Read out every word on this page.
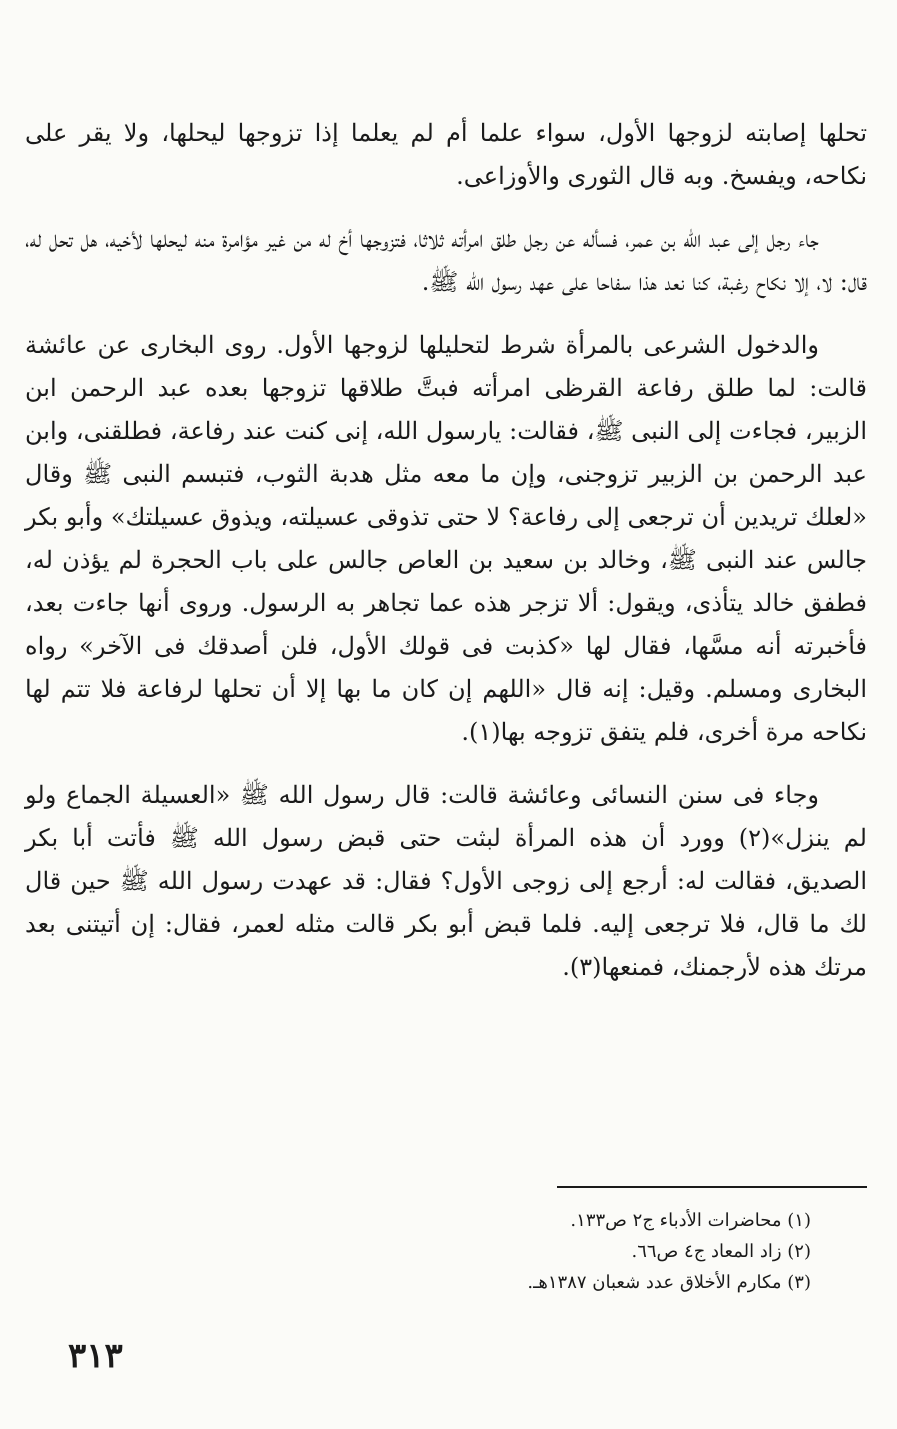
تحلها إصابته لزوجها الأول، سواء علما أم لم يعلما إذا تزوجها ليحلها، ولا يقر على نكاحه، ويفسخ. وبه قال الثورى والأوزاعى.

جاء رجل إلى عبد الله بن عمر، فسأله عن رجل طلق امرأته ثلاثا، فتزوجها أخ له من غير مؤامرة منه ليحلها لأخيه، هل تحل له، قال: لا، إلا نكاح رغبة، كنا نعد هذا سفاحا على عهد رسول الله ﷺ.

والدخول الشرعى بالمرأة شرط لتحليلها لزوجها الأول. روى البخارى عن عائشة قالت: لما طلق رفاعة القرظى امرأته فبتَّ طلاقها تزوجها بعده عبد الرحمن ابن الزبير، فجاءت إلى النبى ﷺ، فقالت: يارسول الله، إنى كنت عند رفاعة، فطلقنى، وابن عبد الرحمن بن الزبير تزوجنى، وإن ما معه مثل هدبة الثوب، فتبسم النبى ﷺ وقال «لعلك تريدين أن ترجعى إلى رفاعة؟ لا حتى تذوقى عسيلته، ويذوق عسيلتك» وأبو بكر جالس عند النبى ﷺ، وخالد بن سعيد بن العاص جالس على باب الحجرة لم يؤذن له، فطفق خالد يتأذى، ويقول: ألا تزجر هذه عما تجاهر به الرسول. وروى أنها جاءت بعد، فأخبرته أنه مسَّها، فقال لها «كذبت فى قولك الأول، فلن أصدقك فى الآخر» رواه البخارى ومسلم. وقيل: إنه قال «اللهم إن كان ما بها إلا أن تحلها لرفاعة فلا تتم لها نكاحه مرة أخرى، فلم يتفق تزوجه بها(١).

وجاء فى سنن النسائى وعائشة قالت: قال رسول الله ﷺ «العسيلة الجماع ولو لم ينزل»(٢) وورد أن هذه المرأة لبثت حتى قبض رسول الله ﷺ فأتت أبا بكر الصديق، فقالت له: أرجع إلى زوجى الأول؟ فقال: قد عهدت رسول الله ﷺ حين قال لك ما قال، فلا ترجعى إليه. فلما قبض أبو بكر قالت مثله لعمر، فقال: إن أتيتنى بعد مرتك هذه لأرجمنك، فمنعها(٣).

(١) محاضرات الأدباء ج٢ ص١٣٣.
(٢) زاد المعاد ج٤ ص٦٦.
(٣) مكارم الأخلاق عدد شعبان ١٣٨٧هـ.
٣١٣
